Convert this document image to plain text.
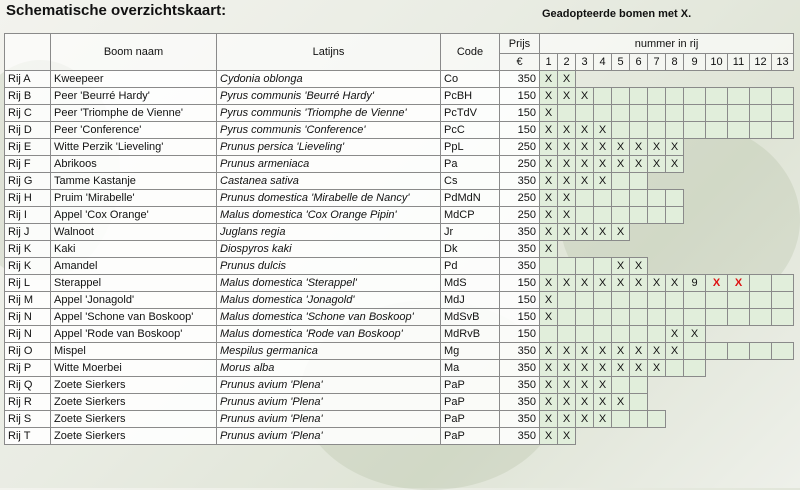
Schematische overzichtskaart:	Geadopteerde bomen met X.
	Boom naam	Latijns	Code	Prijs	nummer in rij												
				€	1	2	3	4	5	6	7	8	9	10	11	12	13
Rij A	Kweepeer	Cydonia oblonga	Co	350	X	X											
Rij B	Peer 'Beurré Hardy'	Pyrus communis 'Beurré Hardy'	PcBH	150	X	X	X										
Rij C	Peer 'Triomphe de Vienne'	Pyrus communis 'Triomphe de Vienne'	PcTdV	150	X												
Rij D	Peer 'Conference'	Pyrus communis 'Conference'	PcC	150	X	X	X	X									
Rij E	Witte Perzik 'Lieveling'	Prunus persica 'Lieveling'	PpL	250	X	X	X	X	X	X	X	X					
Rij F	Abrikoos	Prunus armeniaca	Pa	250	X	X	X	X	X	X	X	X					
Rij G	Tamme Kastanje	Castanea sativa	Cs	350	X	X	X	X									
Rij H	Pruim 'Mirabelle'	Prunus domestica 'Mirabelle de Nancy'	PdMdN	250	X	X											
Rij I	Appel 'Cox Orange'	Malus domestica 'Cox Orange Pipin'	MdCP	250	X	X											
Rij J	Walnoot	Juglans regia	Jr	350	X	X	X	X	X								
Rij K	Kaki	Diospyros kaki	Dk	350	X												
Rij K	Amandel	Prunus dulcis	Pd	350					X	X							
Rij L	Sterappel	Malus domestica 'Sterappel'	MdS	150	X	X	X	X	X	X	X	X	9	X	X		
Rij M	Appel 'Jonagold'	Malus domestica 'Jonagold'	MdJ	150	X												
Rij N	Appel 'Schone van Boskoop'	Malus domestica 'Schone van Boskoop'	MdSvB	150	X												
Rij N	Appel 'Rode van Boskoop'	Malus domestica 'Rode van Boskoop'	MdRvB	150								X	X				
Rij O	Mispel	Mespilus germanica	Mg	350	X	X	X	X	X	X	X	X					
Rij P	Witte Moerbei	Morus alba	Ma	350	X	X	X	X	X	X	X						
Rij Q	Zoete Sierkers	Prunus avium 'Plena'	PaP	350	X	X	X	X									
Rij R	Zoete Sierkers	Prunus avium 'Plena'	PaP	350	X	X	X	X	X								
Rij S	Zoete Sierkers	Prunus avium 'Plena'	PaP	350	X	X	X	X									
Rij T	Zoete Sierkers	Prunus avium 'Plena'	PaP	350	X	X											
